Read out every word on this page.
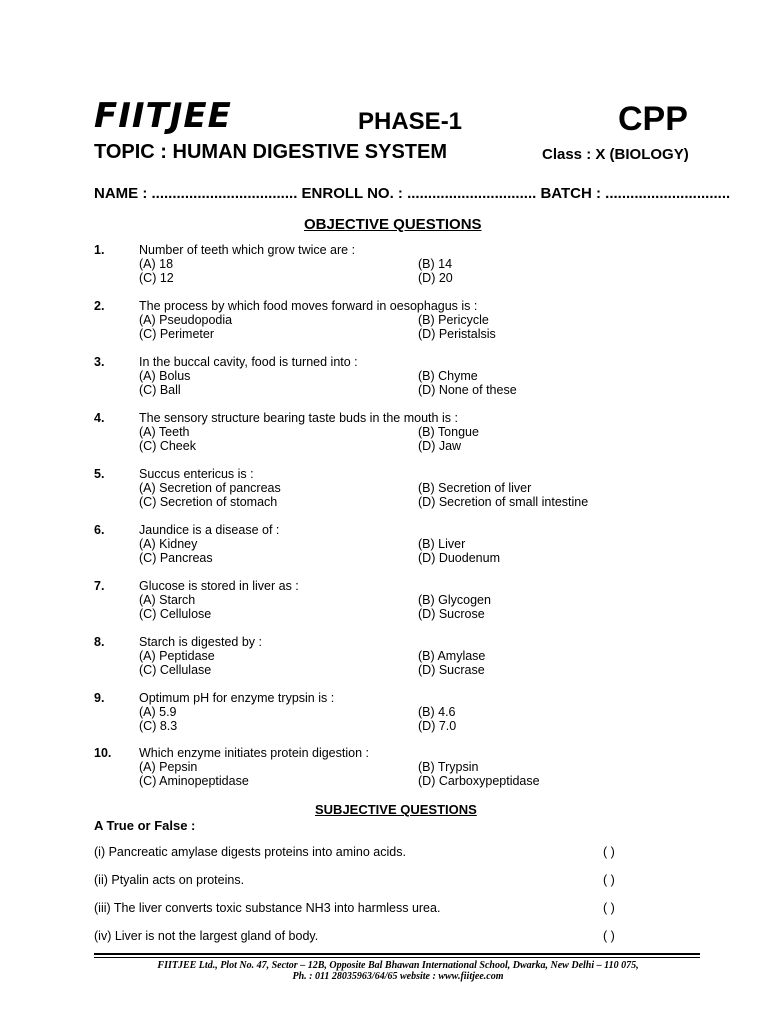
FIITJEE	PHASE-1	CPP
TOPIC : HUMAN DIGESTIVE SYSTEM	Class : X (BIOLOGY)
NAME : ................................... ENROLL NO. : ............................... BATCH : ..............................
OBJECTIVE QUESTIONS
1.	Number of teeth which grow twice are :
(A) 18	(B) 14
(C) 12	(D) 20
2.	The process by which food moves forward in oesophagus is :
(A) Pseudopodia	(B) Pericycle
(C) Perimeter	(D) Peristalsis
3.	In the buccal cavity, food is turned into :
(A) Bolus	(B) Chyme
(C) Ball	(D) None of these
4.	The sensory structure bearing taste buds in the mouth is :
(A) Teeth	(B) Tongue
(C) Cheek	(D) Jaw
5.	Succus entericus is :
(A) Secretion of pancreas	(B) Secretion of liver
(C) Secretion of stomach	(D) Secretion of small intestine
6.	Jaundice is a disease of :
(A) Kidney	(B) Liver
(C) Pancreas	(D) Duodenum
7.	Glucose is stored in liver as :
(A) Starch	(B) Glycogen
(C) Cellulose	(D) Sucrose
8.	Starch is digested by :
(A) Peptidase	(B) Amylase
(C) Cellulase	(D) Sucrase
9.	Optimum pH for enzyme trypsin is :
(A) 5.9	(B) 4.6
(C) 8.3	(D) 7.0
10. Which enzyme initiates protein digestion :
(A) Pepsin	(B) Trypsin
(C) Aminopeptidase	(D) Carboxypeptidase
SUBJECTIVE QUESTIONS
A True or False :
(i) Pancreatic amylase digests proteins into amino acids.	( )
(ii) Ptyalin acts on proteins.	( )
(iii) The liver converts toxic substance NH3 into harmless urea.	( )
(iv) Liver is not the largest gland of body.	( )
FIITJEE Ltd., Plot No. 47, Sector – 12B, Opposite Bal Bhawan International School, Dwarka, New Delhi – 110 075,
Ph. : 011 28035963/64/65 website : www.fiitjee.com
